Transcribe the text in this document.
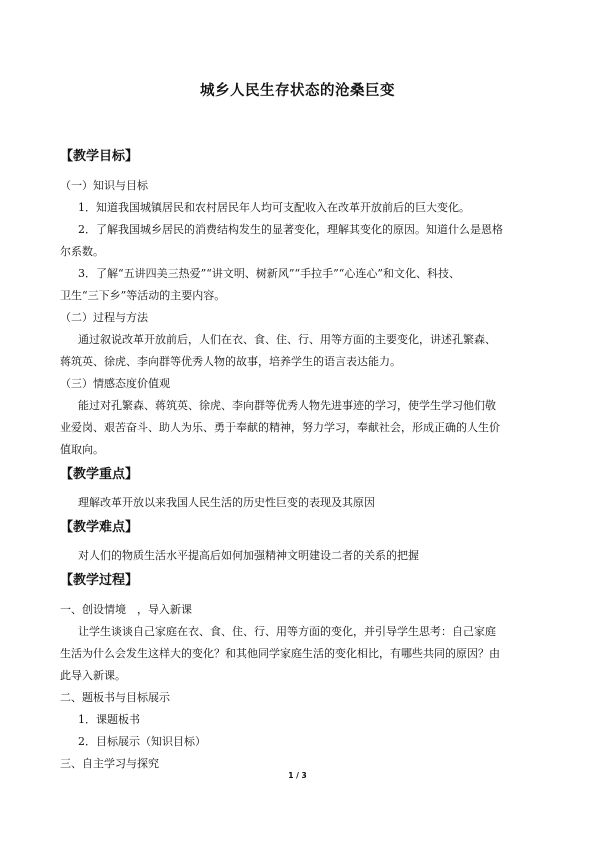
城乡人民生存状态的沧桑巨变
【教学目标】
（一）知识与目标
1．知道我国城镇居民和农村居民年人均可支配收入在改革开放前后的巨大变化。
2．了解我国城乡居民的消费结构发生的显著变化，理解其变化的原因。知道什么是恩格
尔系数。
3．了解“五讲四美三热爱”“讲文明、树新风”“手拉手”“心连心”和文化、科技、
卫生“三下乡”等活动的主要内容。
（二）过程与方法
通过叙说改革开放前后，人们在衣、食、住、行、用等方面的主要变化，讲述孔繁森、
蒋筑英、徐虎、李向群等优秀人物的故事，培养学生的语言表达能力。
（三）情感态度价值观
能过对孔繁森、蒋筑英、徐虎、李向群等优秀人物先进事迹的学习，使学生学习他们敬
业爱岗、艰苦奋斗、助人为乐、勇于奉献的精神，努力学习，奉献社会，形成正确的人生价
值取向。
【教学重点】
理解改革开放以来我国人民生活的历史性巨变的表现及其原因
【教学难点】
对人们的物质生活水平提高后如何加强精神文明建设二者的关系的把握
【教学过程】
一、创设情境　，导入新课
让学生谈谈自己家庭在衣、食、住、行、用等方面的变化，并引导学生思考：自己家庭
生活为什么会发生这样大的变化？和其他同学家庭生活的变化相比，有哪些共同的原因？由
此导入新课。
二、题板书与目标展示
1．课题板书
2．目标展示（知识目标）
三、自主学习与探究
1 / 3
